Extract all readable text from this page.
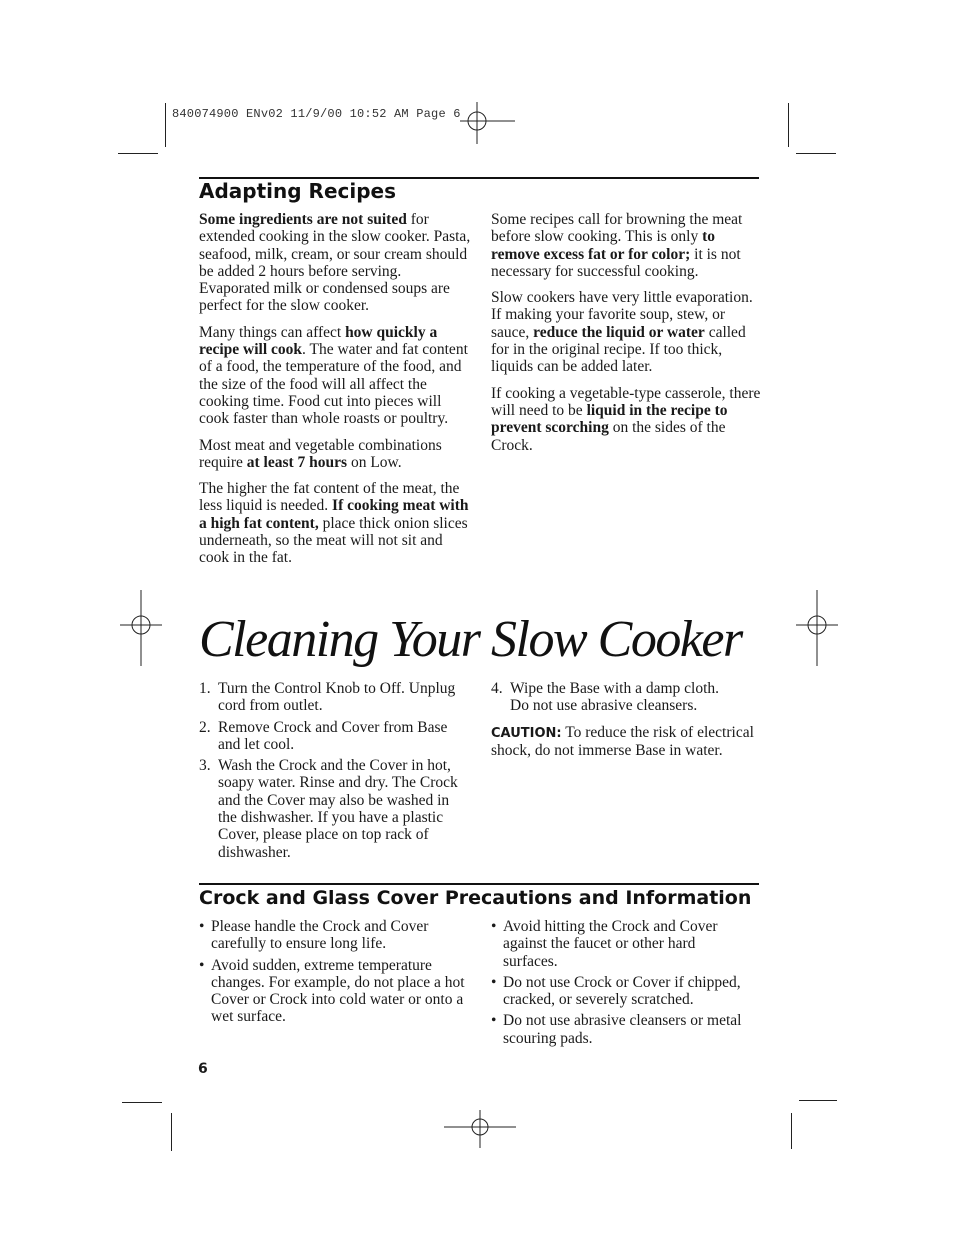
840074900 ENv02 11/9/00 10:52 AM Page 6
Adapting Recipes

Some ingredients are not suited for extended cooking in the slow cooker. Pasta, seafood, milk, cream, or sour cream should be added 2 hours before serving. Evaporated milk or condensed soups are perfect for the slow cooker.

Many things can affect how quickly a recipe will cook. The water and fat content of a food, the temperature of the food, and the size of the food will all affect the cooking time. Food cut into pieces will cook faster than whole roasts or poultry.

Most meat and vegetable combinations require at least 7 hours on Low.

The higher the fat content of the meat, the less liquid is needed. If cooking meat with a high fat content, place thick onion slices underneath, so the meat will not sit and cook in the fat.

Some recipes call for browning the meat before slow cooking. This is only to remove excess fat or for color; it is not necessary for successful cooking.

Slow cookers have very little evaporation. If making your favorite soup, stew, or sauce, reduce the liquid or water called for in the original recipe. If too thick, liquids can be added later.

If cooking a vegetable-type casserole, there will need to be liquid in the recipe to prevent scorching on the sides of the Crock.

Cleaning Your Slow Cooker
1. Turn the Control Knob to Off. Unplug cord from outlet.
2. Remove Crock and Cover from Base and let cool.
3. Wash the Crock and the Cover in hot, soapy water. Rinse and dry. The Crock and the Cover may also be washed in the dishwasher. If you have a plastic Cover, please place on top rack of dishwasher.
4. Wipe the Base with a damp cloth. Do not use abrasive cleansers.

CAUTION: To reduce the risk of electrical shock, do not immerse Base in water.

Crock and Glass Cover Precautions and Information
• Please handle the Crock and Cover carefully to ensure long life.
• Avoid sudden, extreme temperature changes. For example, do not place a hot Cover or Crock into cold water or onto a wet surface.
• Avoid hitting the Crock and Cover against the faucet or other hard surfaces.
• Do not use Crock or Cover if chipped, cracked, or severely scratched.
• Do not use abrasive cleansers or metal scouring pads.
6
